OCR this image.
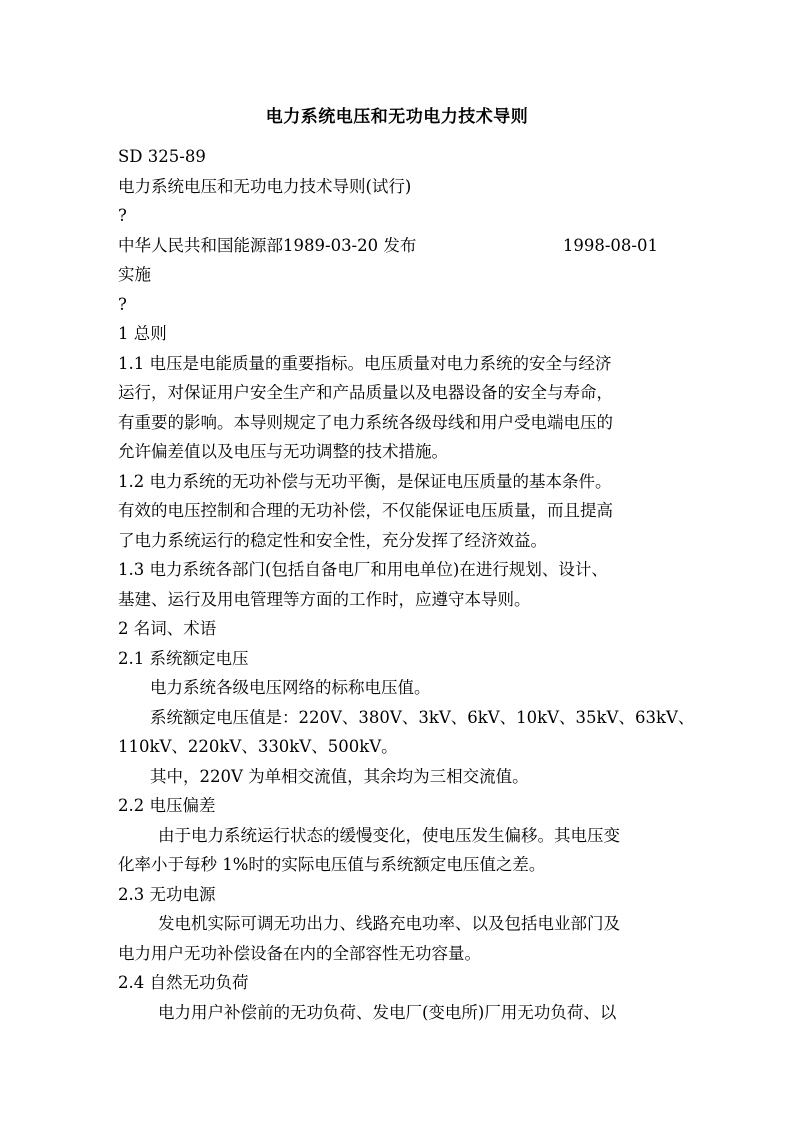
电力系统电压和无功电力技术导则
SD 325-89
电力系统电压和无功电力技术导则(试行)
?
中华人民共和国能源部1989-03-20 发布	1998-08-01
实施
?
1 总则
1.1 电压是电能质量的重要指标。电压质量对电力系统的安全与经济
运行，对保证用户安全生产和产品质量以及电器设备的安全与寿命，
有重要的影响。本导则规定了电力系统各级母线和用户受电端电压的
允许偏差值以及电压与无功调整的技术措施。
1.2 电力系统的无功补偿与无功平衡，是保证电压质量的基本条件。
有效的电压控制和合理的无功补偿，不仅能保证电压质量，而且提高
了电力系统运行的稳定性和安全性，充分发挥了经济效益。
1.3 电力系统各部门(包括自备电厂和用电单位)在进行规划、设计、
基建、运行及用电管理等方面的工作时，应遵守本导则。
2 名词、术语
2.1 系统额定电压
电力系统各级电压网络的标称电压值。
系统额定电压值是：220V、380V、3kV、6kV、10kV、35kV、63kV、
110kV、220kV、330kV、500kV。
其中，220V 为单相交流值，其余均为三相交流值。
2.2 电压偏差
由于电力系统运行状态的缓慢变化，使电压发生偏移。其电压变
化率小于每秒 1%时的实际电压值与系统额定电压值之差。
2.3 无功电源
发电机实际可调无功出力、线路充电功率、以及包括电业部门及
电力用户无功补偿设备在内的全部容性无功容量。
2.4 自然无功负荷
电力用户补偿前的无功负荷、发电厂(变电所)厂用无功负荷、以
